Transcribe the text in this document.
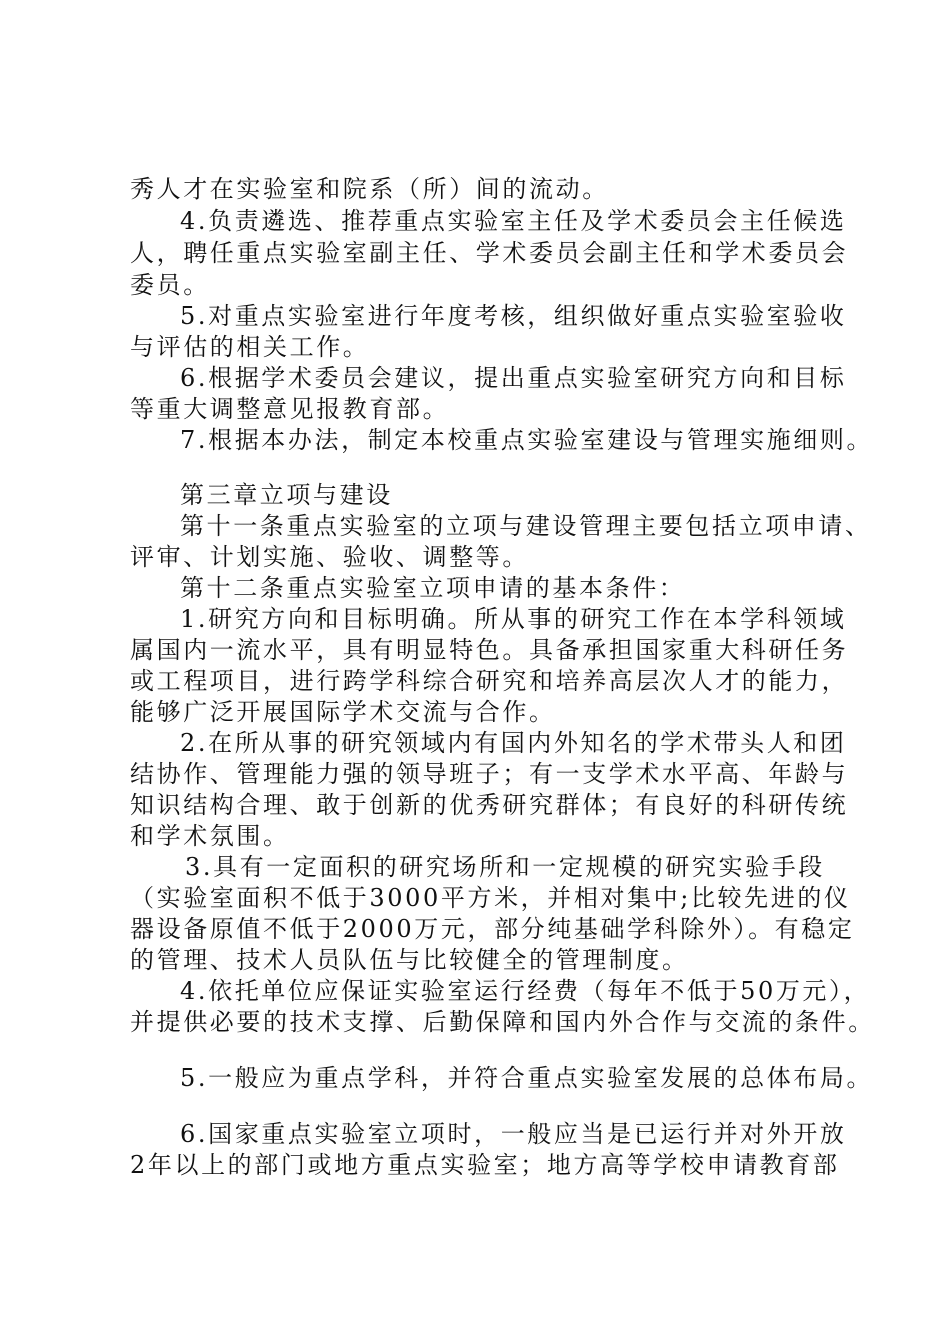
秀人才在实验室和院系（所）间的流动。
4.负责遴选、推荐重点实验室主任及学术委员会主任候选
人，聘任重点实验室副主任、学术委员会副主任和学术委员会
委员。
5.对重点实验室进行年度考核，组织做好重点实验室验收
与评估的相关工作。
6.根据学术委员会建议，提出重点实验室研究方向和目标
等重大调整意见报教育部。
7.根据本办法，制定本校重点实验室建设与管理实施细则。
第三章立项与建设
第十一条重点实验室的立项与建设管理主要包括立项申请、
评审、计划实施、验收、调整等。
第十二条重点实验室立项申请的基本条件：
1.研究方向和目标明确。所从事的研究工作在本学科领域
属国内一流水平，具有明显特色。具备承担国家重大科研任务
或工程项目，进行跨学科综合研究和培养高层次人才的能力，
能够广泛开展国际学术交流与合作。
2.在所从事的研究领域内有国内外知名的学术带头人和团
结协作、管理能力强的领导班子；有一支学术水平高、年龄与
知识结构合理、敢于创新的优秀研究群体；有良好的科研传统
和学术氛围。
3.具有一定面积的研究场所和一定规模的研究实验手段
（实验室面积不低于3000平方米，并相对集中;比较先进的仪
器设备原值不低于2000万元，部分纯基础学科除外）。有稳定
的管理、技术人员队伍与比较健全的管理制度。
4.依托单位应保证实验室运行经费（每年不低于50万元），
并提供必要的技术支撑、后勤保障和国内外合作与交流的条件。
5.一般应为重点学科，并符合重点实验室发展的总体布局。
6.国家重点实验室立项时，一般应当是已运行并对外开放
2年以上的部门或地方重点实验室；地方高等学校申请教育部
